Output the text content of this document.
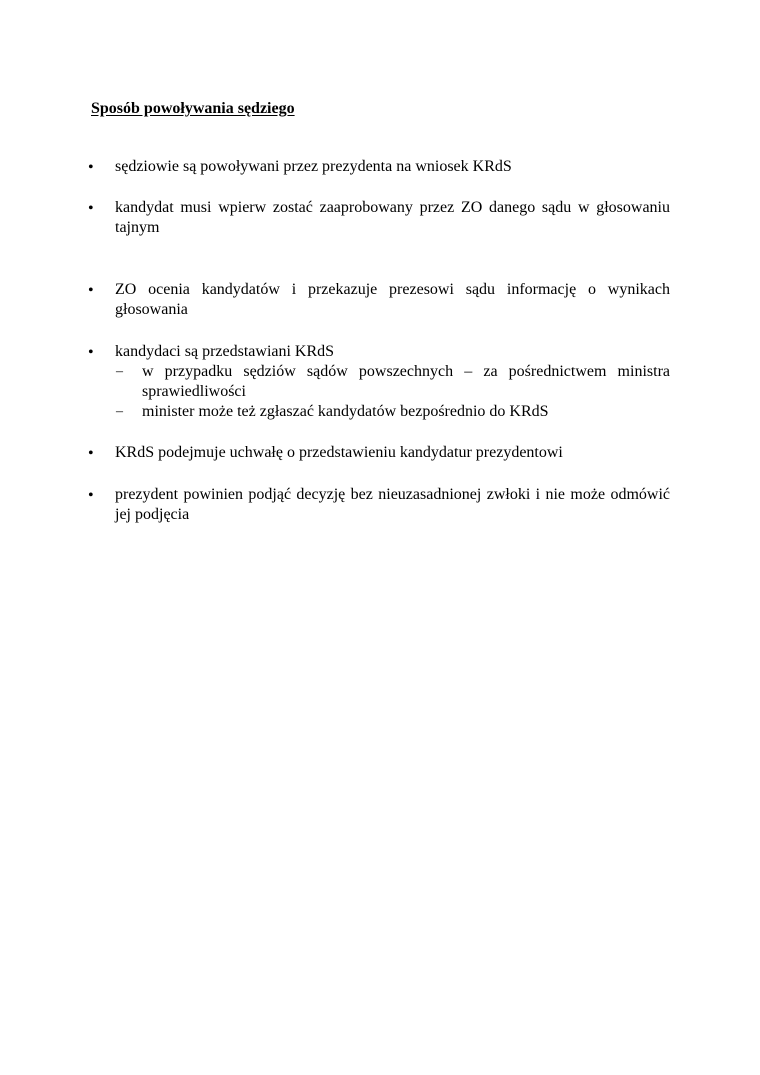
Sposób powoływania sędziego
• sędziowie są powoływani przez prezydenta na wniosek KRdS
• kandydat musi wpierw zostać zaaprobowany przez ZO danego sądu w głosowaniu tajnym
• ZO ocenia kandydatów i przekazuje prezesowi sądu informację o wynikach głosowania
• kandydaci są przedstawiani KRdS
– w przypadku sędziów sądów powszechnych – za pośrednictwem ministra sprawiedliwości
– minister może też zgłaszać kandydatów bezpośrednio do KRdS
• KRdS podejmuje uchwałę o przedstawieniu kandydatur prezydentowi
• prezydent powinien podjąć decyzję bez nieuzasadnionej zwłoki i nie może odmówić jej podjęcia
